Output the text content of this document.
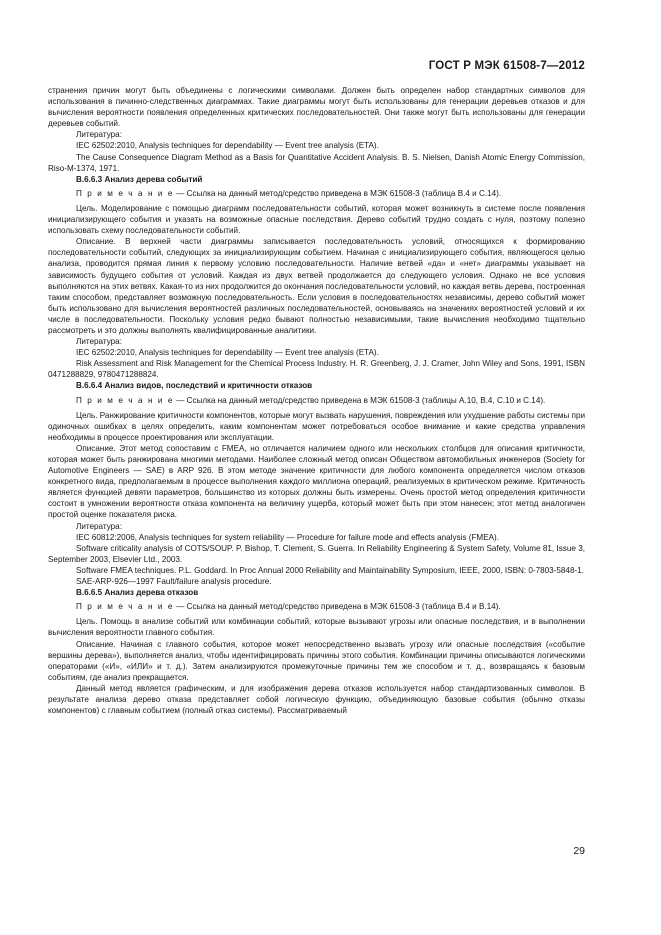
ГОСТ Р МЭК 61508-7—2012

странения причин могут быть объединены с логическими символами. Должен быть определен набор стандартных символов для использования в пичинно-следственных диаграммах. Такие диаграммы могут быть использованы для генерации деревьев отказов и для вычисления вероятности появления определенных критических последовательностей. Они также могут быть использованы для генерации деревьев событий.

Литература:

IEC 62502:2010, Analysis techniques for dependability — Event tree analysis (ETA).

The Cause Consequence Diagram Method as a Basis for Quantitative Accident Analysis. B. S. Nielsen, Danish Atomic Energy Commission, Riso-M-1374, 1971.

B.6.6.3 Анализ дерева событий

П р и м е ч а н и е — Ссылка на данный метод/средство приведена в МЭК 61508-3 (таблица B.4 и C.14).

Цель. Моделирование с помощью диаграмм последовательности событий, которая может возникнуть в системе после появления инициализирующего события и указать на возможные опасные последствия. Дерево событий трудно создать с нуля, поэтому полезно использовать схему последовательности событий.

Описание. В верхней части диаграммы записывается последовательность условий, относящихся к формированию последовательности событий, следующих за инициализирующим событием. Начиная с инициализирующего события, являющегося целью анализа, проводится прямая линия к первому условию последовательности. Наличие ветвей «да» и «нет» диаграммы указывает на зависимость будущего события от условий. Каждая из двух ветвей продолжается до следующего условия. Однако не все условия выполняются на этих ветвях. Какая-то из них продолжится до окончания последовательности условий, но каждая ветвь дерева, построенная таким способом, представляет возможную последовательность. Если условия в последовательностях независимы, дерево событий может быть использовано для вычисления вероятностей различных последовательностей, основываясь на значениях вероятностей условий и их числе в последовательности. Поскольку условия редко бывают полностью независимыми, такие вычисления необходимо тщательно рассмотреть и это должны выполнять квалифицированные аналитики.

Литература:

IEC 62502:2010, Analysis techniques for dependability — Event tree analysis (ETA).

Risk Assessment and Risk Management for the Chemical Process Industry. H. R. Greenberg, J. J. Cramer, John Wiley and Sons, 1991, ISBN 0471288829, 9780471288824.

B.6.6.4 Анализ видов, последствий и критичности отказов

П р и м е ч а н и е — Ссылка на данный метод/средство приведена в МЭК 61508-3 (таблицы A.10, B.4, C.10 и C.14).

Цель. Ранжирование критичности компонентов, которые могут вызвать нарушения, повреждения или ухудшение работы системы при одиночных ошибках в целях определить, каким компонентам может потребоваться особое внимание и какие средства управления необходимы в процессе проектирования или эксплуатации.

Описание. Этот метод сопоставим с FMEA, но отличается наличием одного или нескольких столбцов для описания критичности, которая может быть ранжирована многими методами. Наиболее сложный метод описан Обществом автомобильных инженеров (Society for Automotive Engineers — SAE) в ARP 926. В этом методе значение критичности для любого компонента определяется числом отказов конкретного вида, предполагаемым в процессе выполнения каждого миллиона операций, реализуемых в критическом режиме. Критичность является функцией девяти параметров, большинство из которых должны быть измерены. Очень простой метод определения критичности состоит в умножении вероятности отказа компонента на величину ущерба, который может быть при этом нанесен; этот метод аналогичен простой оценке показателя риска.

Литература:

IEC 60812:2006, Analysis techniques for system reliability — Procedure for failure mode and effects analysis (FMEA).

Software criticality analysis of COTS/SOUP. P. Bishop, T. Clement, S. Guerra. In Reliability Engineering & System Safety, Volume 81, Issue 3, September 2003, Elsevier Ltd., 2003.

Software FMEA techniques. P.L. Goddard. In Proc Annual 2000 Reliability and Maintainability Symposium, IEEE, 2000, ISBN: 0-7803-5848-1.

SAE-ARP-926—1997 Fault/failure analysis procedure.

B.6.6.5 Анализ дерева отказов

П р и м е ч а н и е — Ссылка на данный метод/средство приведена в МЭК 61508-3 (таблица B.4 и B.14).

Цель. Помощь в анализе событий или комбинации событий, которые вызывают угрозы или опасные последствия, и в выполнении вычисления вероятности главного события.

Описание. Начиная с главного события, которое может непосредственно вызвать угрозу или опасные последствия («событие вершины дерева»), выполняется анализ, чтобы идентифицировать причины этого события. Комбинации причины описываются логическими операторами («И», «ИЛИ» и т. д.). Затем анализируются промежуточные причины тем же способом и т. д., возвращаясь к базовым событиям, где анализ прекращается.

Данный метод является графическим, и для изображения дерева отказов используется набор стандартизованных символов. В результате анализа дерево отказа представляет собой логическую функцию, объединяющую базовые события (обычно отказы компонентов) с главным событием (полный отказ системы). Рассматриваемый

29
